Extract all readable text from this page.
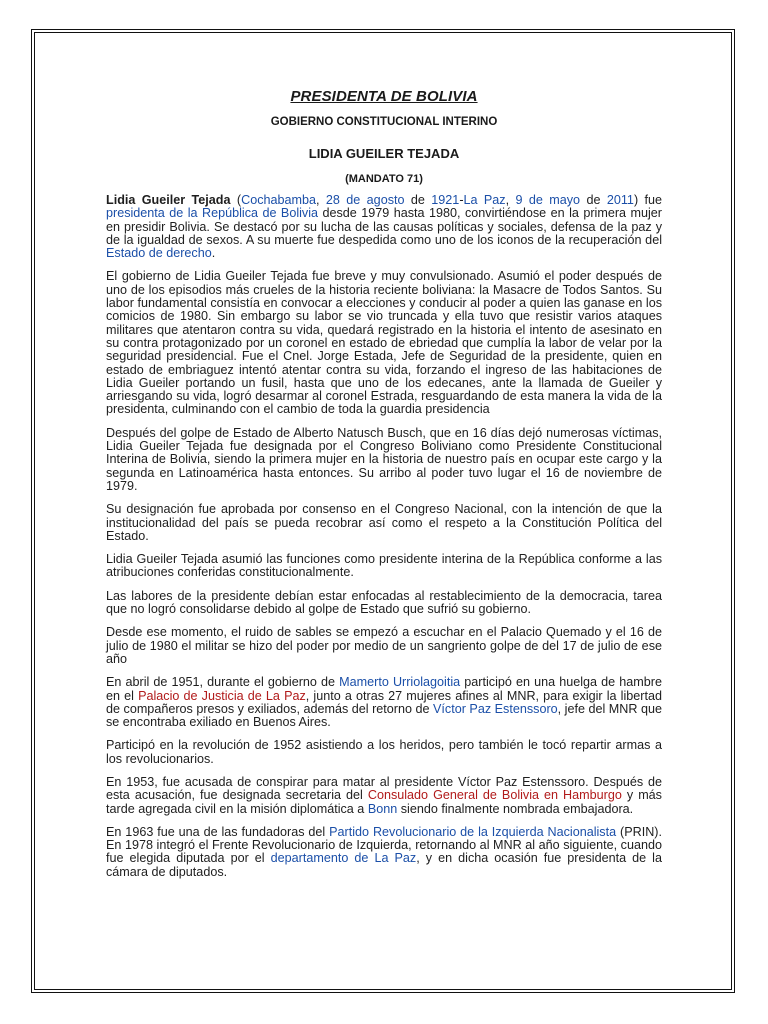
PRESIDENTA DE BOLIVIA
GOBIERNO CONSTITUCIONAL INTERINO
LIDIA GUEILER TEJADA
(MANDATO 71)

Lidia Gueiler Tejada (Cochabamba, 28 de agosto de 1921-La Paz, 9 de mayo de 2011) fue presidenta de la República de Bolivia desde 1979 hasta 1980, convirtiéndose en la primera mujer en presidir Bolivia. Se destacó por su lucha de las causas políticas y sociales, defensa de la paz y de la igualdad de sexos. A su muerte fue despedida como uno de los iconos de la recuperación del Estado de derecho.

El gobierno de Lidia Gueiler Tejada fue breve y muy convulsionado. Asumió el poder después de uno de los episodios más crueles de la historia reciente boliviana: la Masacre de Todos Santos. Su labor fundamental consistía en convocar a elecciones y conducir al poder a quien las ganase en los comicios de 1980. Sin embargo su labor se vio truncada y ella tuvo que resistir varios ataques militares que atentaron contra su vida, quedará registrado en la historia el intento de asesinato en su contra protagonizado por un coronel en estado de ebriedad que cumplía la labor de velar por la seguridad presidencial. Fue el Cnel. Jorge Estada, Jefe de Seguridad de la presidente, quien en estado de embriaguez intentó atentar contra su vida, forzando el ingreso de las habitaciones de Lidia Gueiler portando un fusil, hasta que uno de los edecanes, ante la llamada de Gueiler y arriesgando su vida, logró desarmar al coronel Estrada, resguardando de esta manera la vida de la presidenta, culminando con el cambio de toda la guardia presidencia

Después del golpe de Estado de Alberto Natusch Busch, que en 16 días dejó numerosas víctimas, Lidia Gueiler Tejada fue designada por el Congreso Boliviano como Presidente Constitucional Interina de Bolivia, siendo la primera mujer en la historia de nuestro país en ocupar este cargo y la segunda en Latinoamérica hasta entonces. Su arribo al poder tuvo lugar el 16 de noviembre de 1979.

Su designación fue aprobada por consenso en el Congreso Nacional, con la intención de que la institucionalidad del país se pueda recobrar así como el respeto a la Constitución Política del Estado.

Lidia Gueiler Tejada asumió las funciones como presidente interina de la República conforme a las atribuciones conferidas constitucionalmente.

Las labores de la presidente debían estar enfocadas al restablecimiento de la democracia, tarea que no logró consolidarse debido al golpe de Estado que sufrió su gobierno.

Desde ese momento, el ruido de sables se empezó a escuchar en el Palacio Quemado y el 16 de julio de 1980 el militar se hizo del poder por medio de un sangriento golpe de del 17 de julio de ese año

En abril de 1951, durante el gobierno de Mamerto Urriolagoitia participó en una huelga de hambre en el Palacio de Justicia de La Paz, junto a otras 27 mujeres afines al MNR, para exigir la libertad de compañeros presos y exiliados, además del retorno de Víctor Paz Estenssoro, jefe del MNR que se encontraba exiliado en Buenos Aires.

Participó en la revolución de 1952 asistiendo a los heridos, pero también le tocó repartir armas a los revolucionarios.

En 1953, fue acusada de conspirar para matar al presidente Víctor Paz Estenssoro. Después de esta acusación, fue designada secretaria del Consulado General de Bolivia en Hamburgo y más tarde agregada civil en la misión diplomática a Bonn siendo finalmente nombrada embajadora.

En 1963 fue una de las fundadoras del Partido Revolucionario de la Izquierda Nacionalista (PRIN). En 1978 integró el Frente Revolucionario de Izquierda, retornando al MNR al año siguiente, cuando fue elegida diputada por el departamento de La Paz, y en dicha ocasión fue presidenta de la cámara de diputados.
